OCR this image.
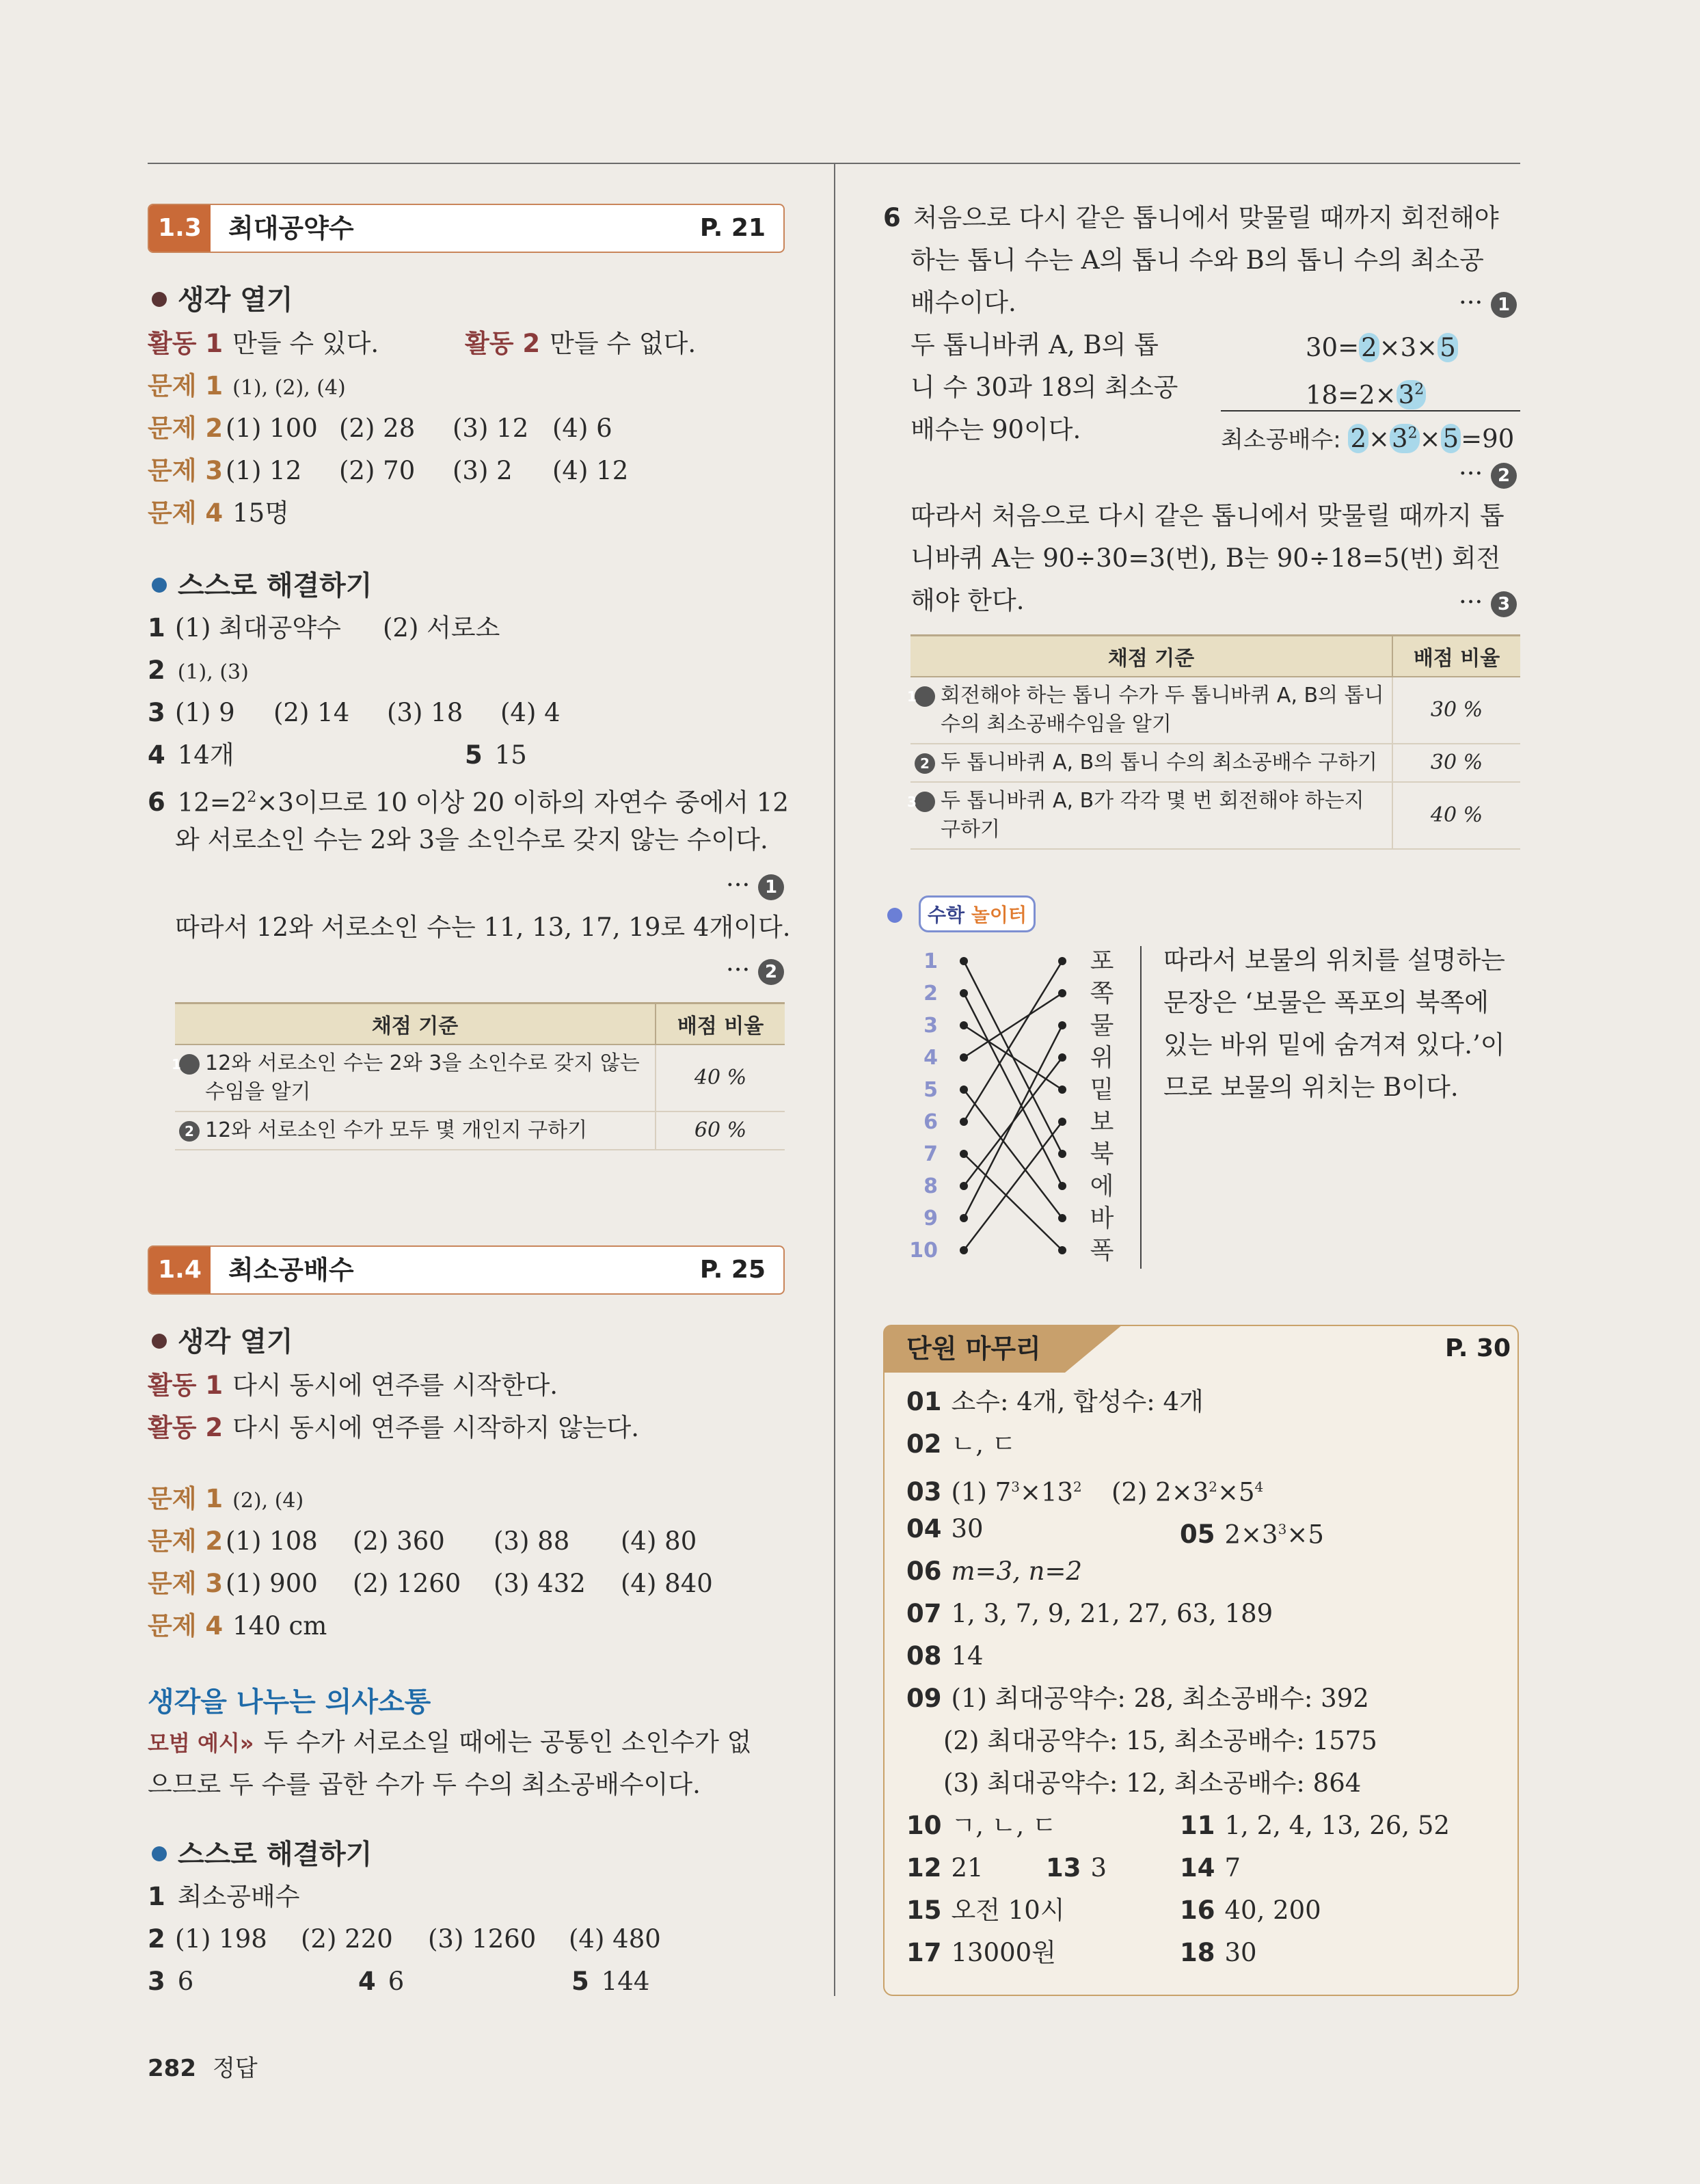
1.3	최대공약수	P. 21
생각 열기
활동 1 만들 수 있다.	활동 2 만들 수 없다.
문제 1 (1), (2), (4)
문제 2 (1) 100 (2) 28 (3) 12 (4) 6
문제 3 (1) 12 (2) 70 (3) 2 (4) 12
문제 4 15명
스스로 해결하기
1 (1) 최대공약수 (2) 서로소
2 (1), (3)
3 (1) 9 (2) 14 (3) 18 (4) 4
4 14개	5 15
6 $12=2^2\times 3$이므로 10 이상 20 이하의 자연수 중에서 12
와 서로소인 수는 2와 3을 소인수로 갖지 않는 수이다.
··· 1
따라서 12와 서로소인 수는 11, 13, 17, 19로 4개이다.
··· 2
채점 기준	배점 비율
1 12와 서로소인 수는 2와 3을 소인수로 갖지 않는 수임을 알기	40 %
2 12와 서로소인 수가 모두 몇 개인지 구하기	60 %
1.4	최소공배수	P. 25
생각 열기
활동 1 다시 동시에 연주를 시작한다.
활동 2 다시 동시에 연주를 시작하지 않는다.
문제 1 (2), (4)
문제 2 (1) 108 (2) 360 (3) 88 (4) 80
문제 3 (1) 900 (2) 1260 (3) 432 (4) 840
문제 4 140 cm
생각을 나누는 의사소통
모범 예시» 두 수가 서로소일 때에는 공통인 소인수가 없
으므로 두 수를 곱한 수가 두 수의 최소공배수이다.
스스로 해결하기
1 최소공배수
2 (1) 198 (2) 220 (3) 1260 (4) 480
3 6	4 6	5 144
6 처음으로 다시 같은 톱니에서 맞물릴 때까지 회전해야
하는 톱니 수는 A의 톱니 수와 B의 톱니 수의 최소공
배수이다.	··· 1
두 톱니바퀴 A, B의 톱
니 수 30과 18의 최소공
배수는 90이다.
30=2×3×5
$18=2\times 3^2$
최소공배수: $2\times 3^2\times 5=90$
··· 2
따라서 처음으로 다시 같은 톱니에서 맞물릴 때까지 톱
니바퀴 A는 90÷30=3(번), B는 90÷18=5(번) 회전
해야 한다.	··· 3
채점 기준	배점 비율
1 회전해야 하는 톱니 수가 두 톱니바퀴 A, B의 톱니 수의 최소공배수임을 알기	30 %
2 두 톱니바퀴 A, B의 톱니 수의 최소공배수 구하기	30 %
3 두 톱니바퀴 A, B가 각각 몇 번 회전해야 하는지 구하기	40 %
수학 놀이터
1
2
3
4
5
6
7
8
9
10
포
쪽
물
위
밑
보
북
에
바
폭
따라서 보물의 위치를 설명하는
문장은 ‘보물은 폭포의 북쪽에
있는 바위 밑에 숨겨져 있다.’이
므로 보물의 위치는 B이다.
단원 마무리	P. 30
01 소수: 4개, 합성수: 4개
02 ㄴ, ㄷ
03 (1) $7^3\times 13^2$ (2) $2\times 3^2\times 5^4$
04 30	05 $2\times 3^3\times 5$
06 m=3, n=2
07 1, 3, 7, 9, 21, 27, 63, 189
08 14
09 (1) 최대공약수: 28, 최소공배수: 392
(2) 최대공약수: 15, 최소공배수: 1575
(3) 최대공약수: 12, 최소공배수: 864
10 ㄱ, ㄴ, ㄷ	11 1, 2, 4, 13, 26, 52
12 21 13 3	14 7
15 오전 10시	16 40, 200
17 13000원	18 30
282 정답
